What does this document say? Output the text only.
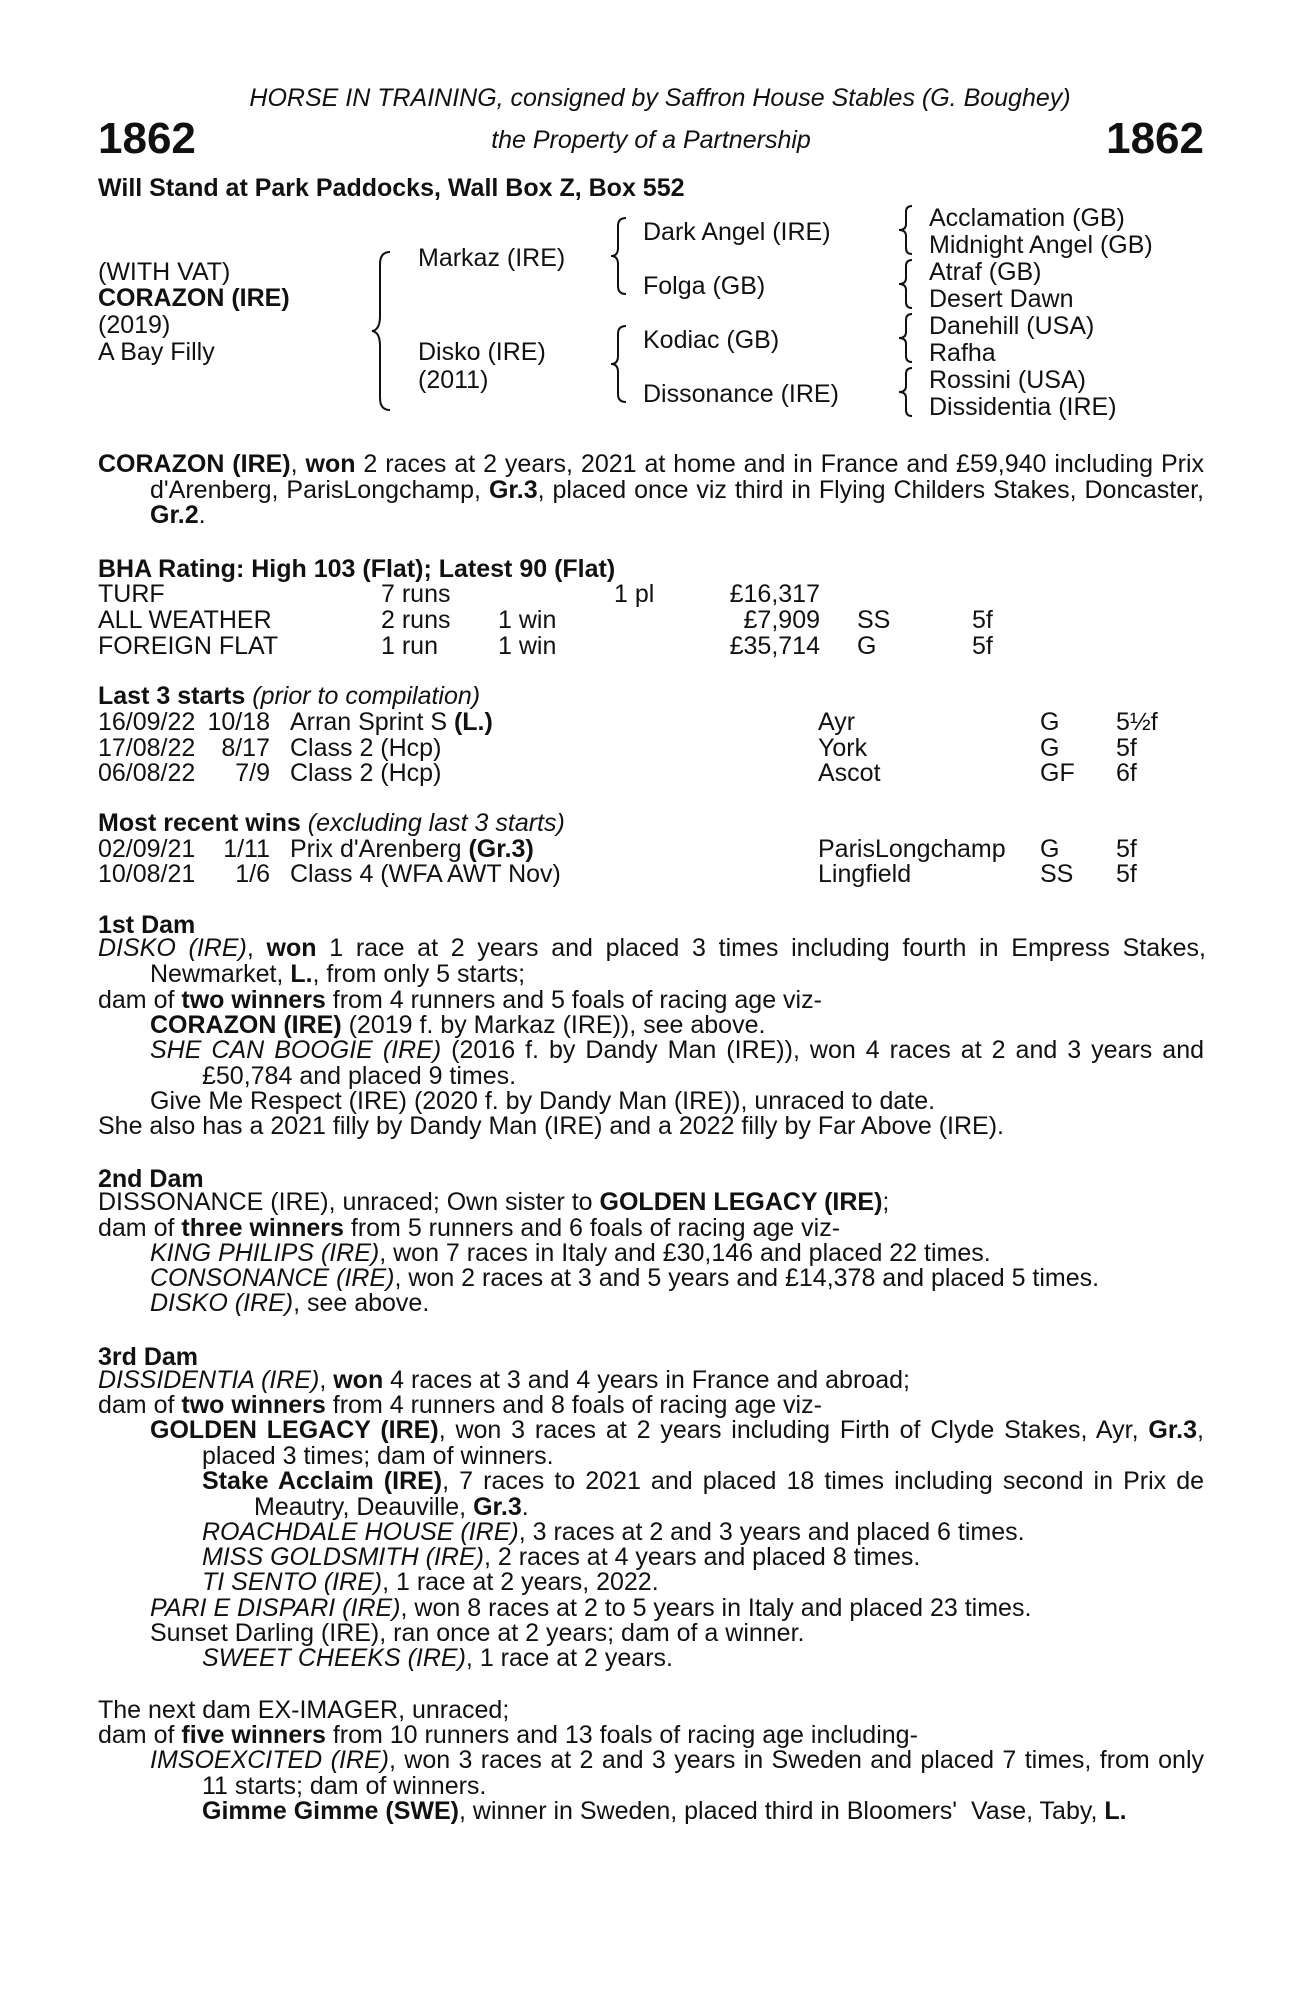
HORSE IN TRAINING, consigned by Saffron House Stables (G. Boughey)
1862	the Property of a Partnership	1862
Will Stand at Park Paddocks, Wall Box Z, Box 552
(WITH VAT)
CORAZON (IRE)
(2019)
A Bay Filly
Markaz (IRE)
Disko (IRE)
(2011)
Dark Angel (IRE)
Folga (GB)
Kodiac (GB)
Dissonance (IRE)
Acclamation (GB)
Midnight Angel (GB)
Atraf (GB)
Desert Dawn
Danehill (USA)
Rafha
Rossini (USA)
Dissidentia (IRE)
CORAZON (IRE), won 2 races at 2 years, 2021 at home and in France and £59,940 including Prix d'Arenberg, ParisLongchamp, Gr.3, placed once viz third in Flying Childers Stakes, Doncaster, Gr.2.
BHA Rating: High 103 (Flat); Latest 90 (Flat)
TURF	7 runs	1 pl	£16,317
ALL WEATHER	2 runs 1 win	£7,909 SS	5f
FOREIGN FLAT	1 run 1 win	£35,714 G	5f
Last 3 starts (prior to compilation)
16/09/22 10/18 Arran Sprint S (L.)	Ayr	G 5½f
17/08/22 8/17 Class 2 (Hcp)	York	G 5f
06/08/22 7/9 Class 2 (Hcp)	Ascot	GF 6f
Most recent wins (excluding last 3 starts)
02/09/21 1/11 Prix d'Arenberg (Gr.3)	ParisLongchamp G 5f
10/08/21 1/6 Class 4 (WFA AWT Nov)	Lingfield	SS 5f
1st Dam
DISKO (IRE), won 1 race at 2 years and placed 3 times including fourth in Empress Stakes, Newmarket, L., from only 5 starts;
dam of two winners from 4 runners and 5 foals of racing age viz-
CORAZON (IRE) (2019 f. by Markaz (IRE)), see above.
SHE CAN BOOGIE (IRE) (2016 f. by Dandy Man (IRE)), won 4 races at 2 and 3 years and £50,784 and placed 9 times.
Give Me Respect (IRE) (2020 f. by Dandy Man (IRE)), unraced to date.
She also has a 2021 filly by Dandy Man (IRE) and a 2022 filly by Far Above (IRE).
2nd Dam
DISSONANCE (IRE), unraced; Own sister to GOLDEN LEGACY (IRE);
dam of three winners from 5 runners and 6 foals of racing age viz-
KING PHILIPS (IRE), won 7 races in Italy and £30,146 and placed 22 times.
CONSONANCE (IRE), won 2 races at 3 and 5 years and £14,378 and placed 5 times.
DISKO (IRE), see above.
3rd Dam
DISSIDENTIA (IRE), won 4 races at 3 and 4 years in France and abroad;
dam of two winners from 4 runners and 8 foals of racing age viz-
GOLDEN LEGACY (IRE), won 3 races at 2 years including Firth of Clyde Stakes, Ayr, Gr.3, placed 3 times; dam of winners.
Stake Acclaim (IRE), 7 races to 2021 and placed 18 times including second in Prix de Meautry, Deauville, Gr.3.
ROACHDALE HOUSE (IRE), 3 races at 2 and 3 years and placed 6 times.
MISS GOLDSMITH (IRE), 2 races at 4 years and placed 8 times.
TI SENTO (IRE), 1 race at 2 years, 2022.
PARI E DISPARI (IRE), won 8 races at 2 to 5 years in Italy and placed 23 times.
Sunset Darling (IRE), ran once at 2 years; dam of a winner.
SWEET CHEEKS (IRE), 1 race at 2 years.
The next dam EX-IMAGER, unraced;
dam of five winners from 10 runners and 13 foals of racing age including-
IMSOEXCITED (IRE), won 3 races at 2 and 3 years in Sweden and placed 7 times, from only 11 starts; dam of winners.
Gimme Gimme (SWE), winner in Sweden, placed third in Bloomers'  Vase, Taby, L.
